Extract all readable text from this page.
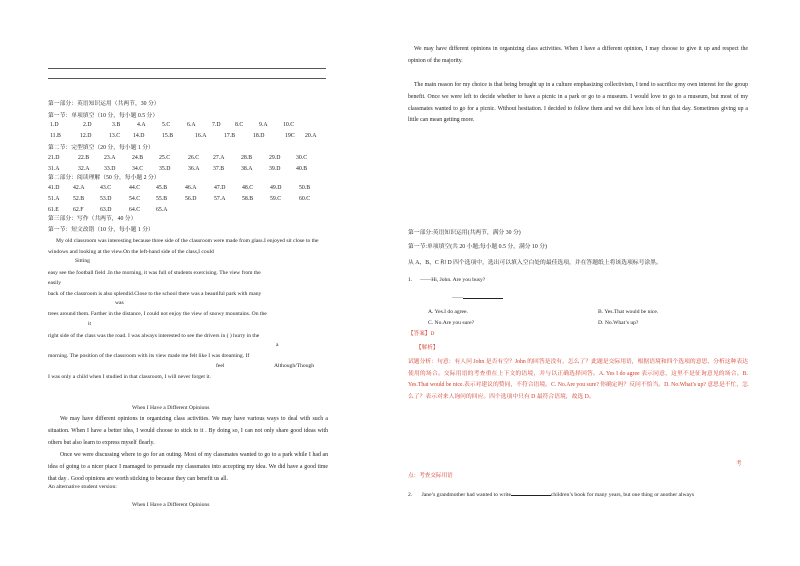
第一部分：英语知识运用（共两节，30 分）
第一节：单项填空（10 分，每小题 0.5 分）
1.D	2.D	3.B	4.A	5.C	6.A	7.D 8.C	9.A	10.C
11.B	12.D	13.C 14.D	15.B	16.A	17.B	18.D	19C 20.A
第二节：完型填空（20 分，每小题 1 分）
21.D	22.B	23.A	24.B	25.C	26.C 27.A	28.B	29.D	30.C
31.A	32.A	33.D	34.C	35.D	36.A 37.B	38.A	39.D	40.B
第二部分：阅读理解（50 分，每小题 2 分）
41.D 42.A	43.C	44.C	45.B	46.A	47.D	48.C	49.D	50.B
51.A 52.B	53.D	54.C	55.B	56.D	57.A	58.B	59.C	60.C
61.E 62.F	63.D	64.C	65.A
第三部分：写作（共两节，40 分）
第一节：短文改错（10 分，每小题 1 分）
My old classroom was interesting because three side of the classroom were made from glass.I enjoyed sit close to the
windows and looking at the view.On the left-hand side of the class,I could
Sitting
easy see the football field .In the morning, it was full of students exercising. The view from the
easily
back of the classroom is also splendid.Close to the school there was a beautiful park with many
was
trees around them. Farther in the distance, I could not enjoy the view of snowy mountains. On the
it
right side of the class was the road. I was always interested to see the drivers in ( ) hurry in the
a
morning. The position of the classroom with its view made me felt like I was dreaming. If
feel	Although/Though
I was only a child when I studied in that classroom, I will never forget it.
When I Have a Different Opinions
We may have different opinions in organizing class activities. We may have various ways to deal with such a situation. When I have a better idea, I would choose to stick to it . By doing so, I can not only share good ideas with others but also learn to express myself flearly.
Once we were discussing where to go for an outing. Most of my classmates wanted to go to a park while I had an idea of going to a nicer piace I mamaged to persuade my classmates into accepting my idea. We did have a good time that day . Good opinions are worth sticking to because they can benefit us all.
An alternative student version:
When I Have a Different Opinions
We may have different opinions in organizing class activities. When I have a different opinion, I may choose to give it up and respect the opinion of the majority.
The main reason for my choice is that being brought up in a culture emphasizing collectivism, I tend to sacrifice my own interest for the group benefit. Once we were left to decide whether to have a picnic in a park or go to a museum. I would love to go to a museum, but most of my classmates wanted to go for a picnic. Without hesitation. I decided to follow them and we did have lots of fun that day. Sometimes giving up a little can mean getting more.
第一部分:英语知识运用(共两节，满分 30 分)
第一节:单项填空(共 20 小题;每小题 0.5 分，满分 10 分)
从 A、B、C 和 D 四个选项中，选出可以填入空白处的最佳选项，并在答题纸上将该选项标号涂黑。
1. ——Hi, John. Are you busy?
——
A. Yes.I do agree.	B. Yes.That would be nice.
C. No.Are you sure?	D. No.What’s up?
【答案】D
【解析】
试题分析：句意：有人问 John 是否有空？John 的回答是没有，怎么了？此题是交际用语，根据语境和四个选项的意思，分析这种表达使用的场合。交际用语的考查重在上下文的语境，并与以正确选择回答。A. Yes I do agree 表示同意，这里不是征询意见的场合。B. Yes.That would be nice.表示对建议的赞同，不符合语境。C. No.Are you sure? 你确定吗？反问不恰当。D. No.What’s up? 意思是不忙，怎么了？表示对来人询问的回应。四个选项中只有 D 最符合语境，故选 D。
考
点：考查交际用语
2. Jane’s grandmother had wanted to write	children’s book for many years, but one thing or another always
